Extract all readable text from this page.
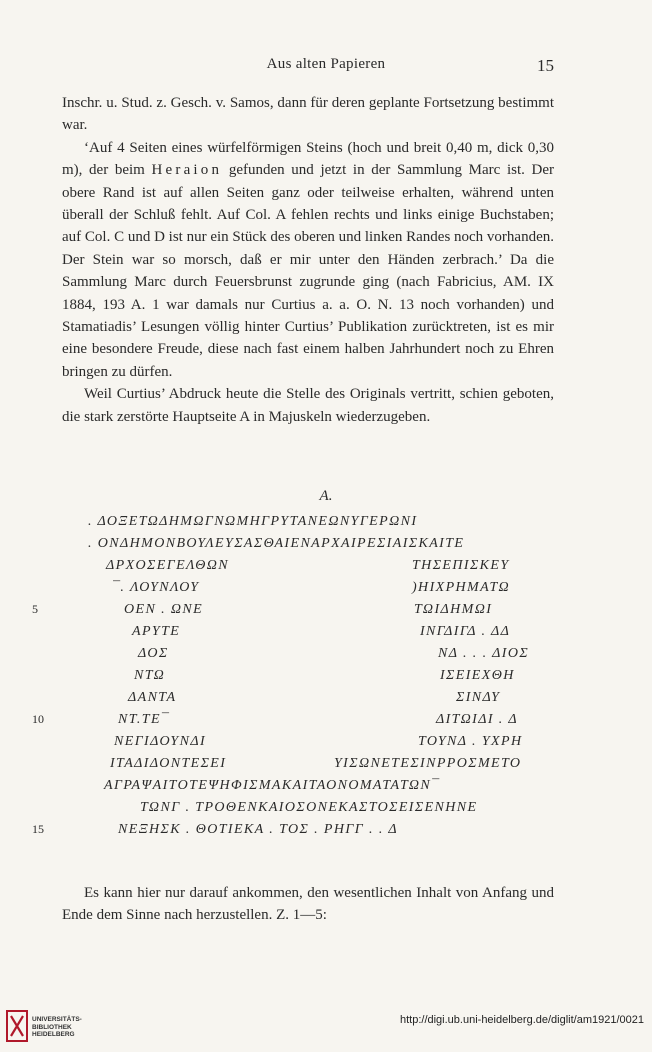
Aus alten Papieren	15

Inschr. u. Stud. z. Gesch. v. Samos, dann für deren geplante Fortsetzung bestimmt war.

‘Auf 4 Seiten eines würfelförmigen Steins (hoch und breit 0,40 m, dick 0,30 m), der beim Heraion gefunden und jetzt in der Sammlung Marc ist. Der obere Rand ist auf allen Seiten ganz oder teilweise erhalten, während unten überall der Schluß fehlt. Auf Col. A fehlen rechts und links einige Buchstaben; auf Col. C und D ist nur ein Stück des oberen und linken Randes noch vorhanden. Der Stein war so morsch, daß er mir unter den Händen zerbrach.’ Da die Sammlung Marc durch Feuersbrunst zugrunde ging (nach Fabricius, AM. IX 1884, 193 A. 1 war damals nur Curtius a. a. O. N. 13 noch vorhanden) und Stamatiadis’ Lesungen völlig hinter Curtius’ Publikation zurücktreten, ist es mir eine besondere Freude, diese nach fast einem halben Jahrhundert noch zu Ehren bringen zu dürfen.

Weil Curtius’ Abdruck heute die Stelle des Originals vertritt, schien geboten, die stark zerstörte Hauptseite A in Majuskeln wiederzugeben.

A.
. ΔΟΞΕΤΩΔΗΜΩΓΝΩΜΗΓΡΥΤΑΝΕΩΝΥΓΕΡΩΝΙ
. ΟΝΔΗΜΟΝΒΟΥΛΕΥΣΑΣΘΑΙΕΝΑΡΧΑΙΡΕΣΙΑΙΣΚΑΙΤΕ
ΔΡΧΟΣΕΓΕΛΘΩΝ	ΤΗΣΕΠΙΣΚΕΥ
¯. ΛΟΥΝΛΟΥ	)ΗΙΧΡΗΜΑΤΩ
5	ΟΕΝ . ΩΝΕ	ΤΩΙΔΗΜΩΙ
ΑΡΥΤΕ	ΙΝΓΔΙΓΔ . ΔΔ
ΔΟΣ	ΝΔ . . . ΔΙΟΣ
ΝΤΩ	ΙΣΕΙΕΧΘΗ
ΔΑΝΤΑ	ΣΙΝΔΥ
10	ΝΤ.ΤΕ¯	ΔΙΤΩΙΔΙ . Δ
ΝΕΓΙΔΟΥΝΔΙ	ΤΟΥΝΔ . ΥΧΡΗ
ΙΤΑΔΙΔΟΝΤΕΣΕΙ	ΥΙΣΩΝΕΤΕΣΙΝΡΡΟΣΜΕΤΟ
ΑΓΡΑΨΑΙΤΟΤΕΨΗΦΙΣΜΑΚΑΙΤΑΟΝΟΜΑΤΑΤΩΝ¯
ΤΩΝΓ . ΤΡΟΘΕΝΚΑΙΟΣΟΝΕΚΑΣΤΟΣΕΙΣΕΝΗΝΕ
15	ΝΕΞΗΣΚ . ΘΟΤΙΕΚΑ . ΤΟΣ . ΡΗΓΓ . . Δ

Es kann hier nur darauf ankommen, den wesentlichen Inhalt von Anfang und Ende dem Sinne nach herzustellen. Z. 1—5:

UNIVERSITÄTS-
BIBLIOTHEK
HEIDELBERG
http://digi.ub.uni-heidelberg.de/diglit/am1921/0021
